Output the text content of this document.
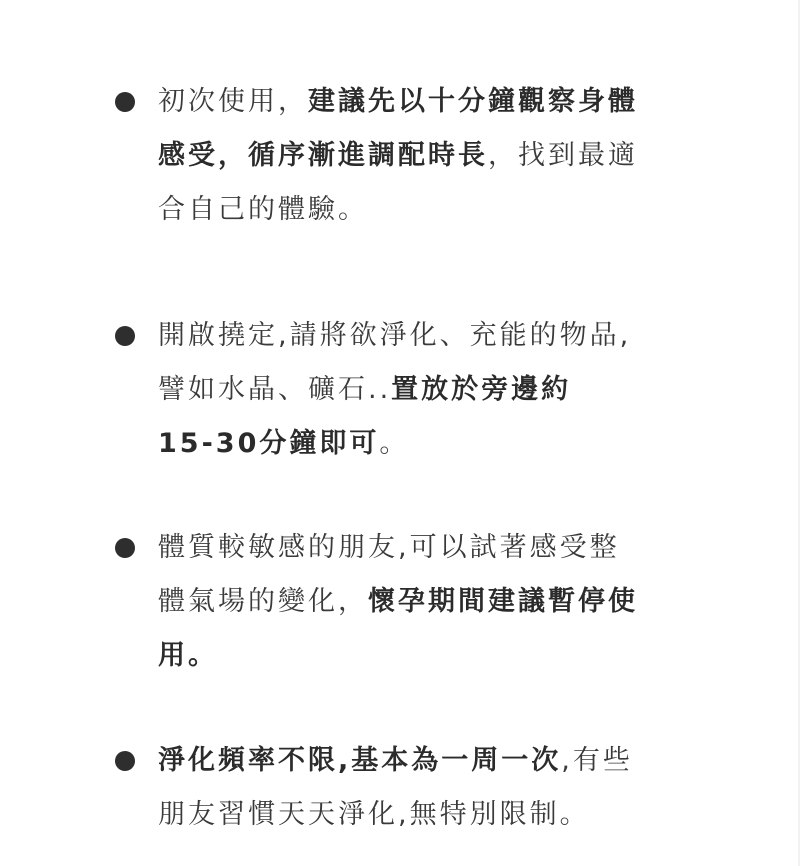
初次使用，建議先以十分鐘觀察身體
感受，循序漸進調配時長，找到最適
合自己的體驗。
開啟撓定,請將欲淨化、充能的物品,
譬如水晶、礦石..置放於旁邊約
15-30分鐘即可。
體質較敏感的朋友,可以試著感受整
體氣場的變化，懷孕期間建議暫停使
用。
淨化頻率不限,基本為一周一次,有些
朋友習慣天天淨化,無特別限制。
